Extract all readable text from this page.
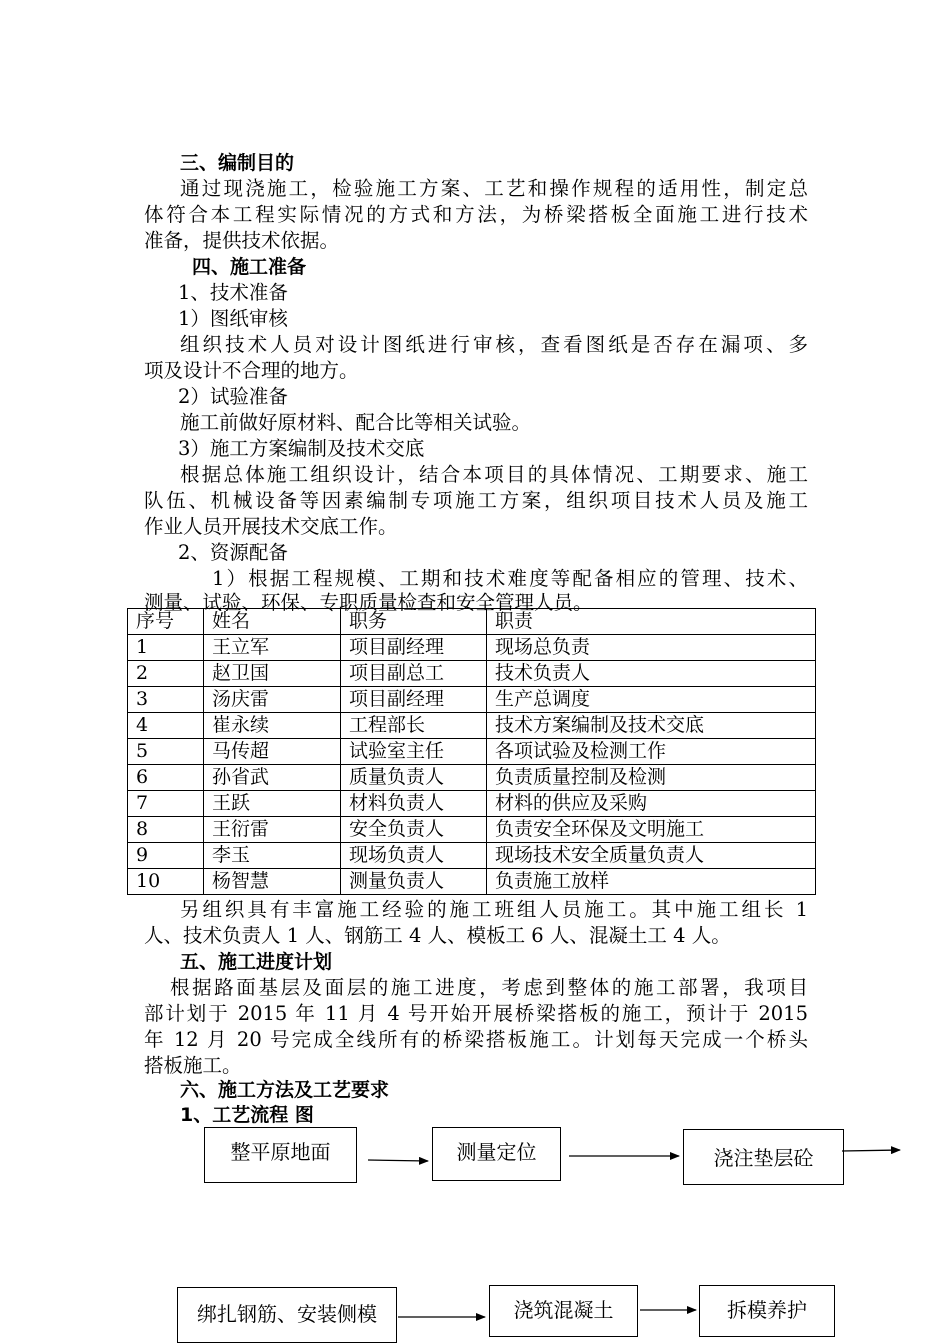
三、编制目的
通过现浇施工，检验施工方案、工艺和操作规程的适用性，制定总
体符合本工程实际情况的方式和方法，为桥梁搭板全面施工进行技术
准备，提供技术依据。
四、施工准备
1、技术准备
1）图纸审核
组织技术人员对设计图纸进行审核，查看图纸是否存在漏项、多
项及设计不合理的地方。
2）试验准备
施工前做好原材料、配合比等相关试验。
3）施工方案编制及技术交底
根据总体施工组织设计，结合本项目的具体情况、工期要求、施工
队伍、机械设备等因素编制专项施工方案，组织项目技术人员及施工
作业人员开展技术交底工作。
2、资源配备
1）根据工程规模、工期和技术难度等配备相应的管理、技术、
测量、试验、环保、专职质量检查和安全管理人员。
序号	姓名	职务	职责
1	王立军	项目副经理	现场总负责
2	赵卫国	项目副总工	技术负责人
3	汤庆雷	项目副经理	生产总调度
4	崔永续	工程部长	技术方案编制及技术交底
5	马传超	试验室主任	各项试验及检测工作
6	孙省武	质量负责人	负责质量控制及检测
7	王跃	材料负责人	材料的供应及采购
8	王衍雷	安全负责人	负责安全环保及文明施工
9	李玉	现场负责人	现场技术安全质量负责人
10	杨智慧	测量负责人	负责施工放样
另组织具有丰富施工经验的施工班组人员施工。其中施工组长 1
人、技术负责人 1 人、钢筋工 4 人、模板工 6 人、混凝土工 4 人。
五、施工进度计划
根据路面基层及面层的施工进度，考虑到整体的施工部署，我项目
部计划于 2015 年 11 月 4 号开始开展桥梁搭板的施工，预计于 2015
年 12 月 20 号完成全线所有的桥梁搭板施工。计划每天完成一个桥头
搭板施工。
六、施工方法及工艺要求
1、工艺流程 图
整平原地面	测量定位	浇注垫层砼
绑扎钢筋、安装侧模	浇筑混凝土	拆模养护
